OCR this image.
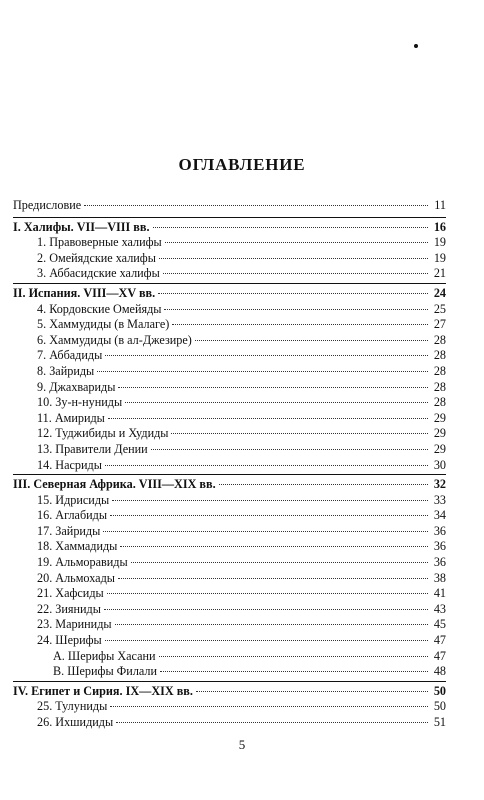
ОГЛАВЛЕНИЕ
Предисловие	11
I. Халифы. VII—VIII вв.	16
1. Правоверные халифы	19
2. Омейядские халифы	19
3. Аббасидские халифы	21
II. Испания. VIII—XV вв.	24
4. Кордовские Омейяды	25
5. Хаммудиды (в Малаге)	27
6. Хаммудиды (в ал-Джезире)	28
7. Аббадиды	28
8. Зайриды	28
9. Джахвариды	28
10. Зу-н-нуниды	28
11. Амириды	29
12. Туджибиды и Худиды	29
13. Правители Дении	29
14. Насриды	30
III. Северная Африка. VIII—XIX вв.	32
15. Идрисиды	33
16. Аглабиды	34
17. Зайриды	36
18. Хаммадиды	36
19. Альморавиды	36
20. Альмохады	38
21. Хафсиды	41
22. Зияниды	43
23. Мариниды	45
24. Шерифы	47
А. Шерифы Хасани	47
В. Шерифы Филали	48
IV. Египет и Сирия. IX—XIX вв.	50
25. Тулуниды	50
26. Ихшидиды	51
5
